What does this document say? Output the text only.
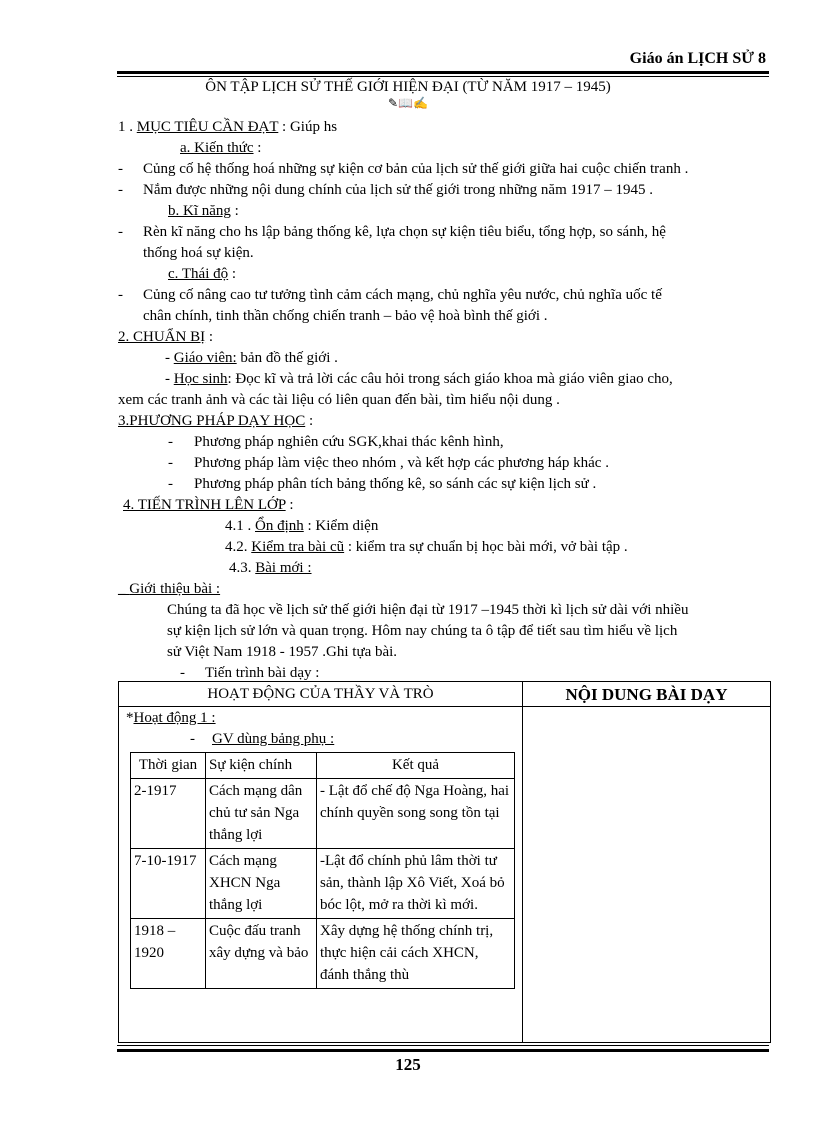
Giáo án LỊCH SỬ 8
ÔN TẬP LỊCH SỬ THẾ GIỚI HIỆN ĐẠI (TỪ NĂM 1917 – 1945)
✎📖✍
1 . MỤC TIÊU CẦN ĐẠT : Giúp hs
a. Kiến thức :
- Củng cố hệ thống hoá những sự kiện cơ bản của lịch sử thế giới giữa hai cuộc chiến tranh .
- Nắm được những nội dung chính của lịch sử thế giới trong những năm 1917 – 1945 .
b. Kĩ năng :
- Rèn kĩ năng cho hs lập bảng thống kê, lựa chọn sự kiện tiêu biểu, tổng hợp, so sánh, hệ
thống hoá sự kiện.
c. Thái độ :
- Củng cố nâng cao tư tưởng tình cảm cách mạng, chủ nghĩa yêu nước, chủ nghĩa uốc tế
chân chính, tinh thần chống chiến tranh – bảo vệ hoà bình thế giới .
2. CHUẨN BỊ :
- Giáo viên: bản đồ thế giới .
- Học sinh: Đọc kĩ và trả lời các câu hỏi trong sách giáo khoa mà giáo viên giao cho,
xem các tranh ảnh và các tài liệu có liên quan đến bài, tìm hiểu nội dung .
3.PHƯƠNG PHÁP DẠY HỌC :
- Phương pháp nghiên cứu SGK,khai thác kênh hình,
- Phương pháp làm việc theo nhóm , và kết hợp các phương háp khác .
- Phương pháp phân tích bảng thống kê, so sánh các sự kiện lịch sử .
4. TIẾN TRÌNH LÊN LỚP :
4.1 . Ổn định : Kiểm diện
4.2. Kiểm tra bài cũ : kiểm tra sự chuẩn bị học bài mới, vở bài tập .
4.3. Bài mới :
_ Giới thiệu bài :
Chúng ta đã học về lịch sử thế giới hiện đại từ 1917 –1945 thời kì lịch sử dài với nhiều
sự kiện lịch sử lớn và quan trọng. Hôm nay chúng ta ô tập để tiết sau tìm hiểu về lịch
sử Việt Nam 1918 - 1957 .Ghi tựa bài.
- Tiến trình bài dạy :
HOẠT ĐỘNG CỦA THẦY VÀ TRÒ	NỘI DUNG BÀI DẠY

*Hoạt động 1 :
- GV dùng bảng phụ :
Thời gian	Sự kiện chính	Kết quả
2-1917	Cách mạng dân chủ tư sản Nga thắng lợi	- Lật đổ chế độ Nga Hoàng, hai chính quyền song song tồn tại
7-10-1917	Cách mạng XHCN Nga thắng lợi	-Lật đổ chính phủ lâm thời tư sản, thành lập Xô Viết, Xoá bỏ bóc lột, mở ra thời kì mới.
1918 –1920	Cuộc đấu tranh xây dựng và bảo	Xây dựng hệ thống chính trị, thực hiện cải cách XHCN, đánh thắng thù
125
